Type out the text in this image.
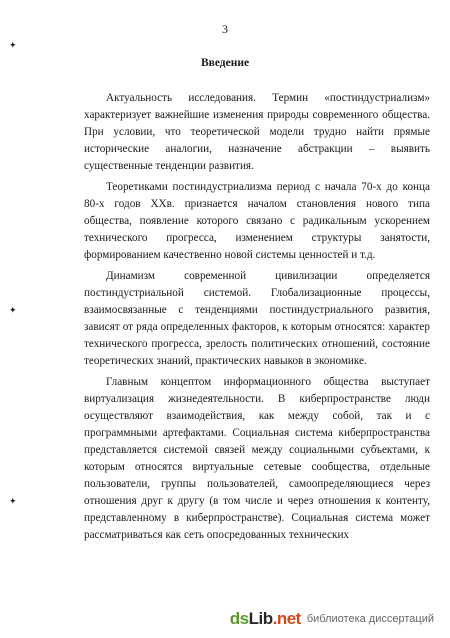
3
Введение
✦
✦
✦

Актуальность исследования. Термин «постиндустриализм» характеризует важнейшие изменения природы современного общества. При условии, что теоретической модели трудно найти прямые исторические аналогии, назначение абстракции – выявить существенные тенденции развития.

Теоретиками постиндустриализма период с начала 70-х до конца 80-х годов ХХв. признается началом становления нового типа общества, появление которого связано с радикальным ускорением технического прогресса, изменением структуры занятости, формированием качественно новой системы ценностей и т.д.

Динамизм современной цивилизации определяется постиндустриальной системой. Глобализационные процессы, взаимосвязанные с тенденциями постиндустриального развития, зависят от ряда определенных факторов, к которым относятся: характер технического прогресса, зрелость политических отношений, состояние теоретических знаний, практических навыков в экономике.

Главным концептом информационного общества выступает виртуализация жизнедеятельности. В киберпространстве люди осуществляют взаимодействия, как между собой, так и с программными артефактами. Социальная система киберпространства представляется системой связей между социальными субъектами, к которым относятся виртуальные сетевые сообщества, отдельные пользователи, группы пользователей, самоопределяющиеся через отношения друг к другу (в том числе и через отношения к контенту, представленному в киберпространстве). Социальная система может рассматриваться как сеть опосредованных технических

dsLib.net библиотека диссертаций
